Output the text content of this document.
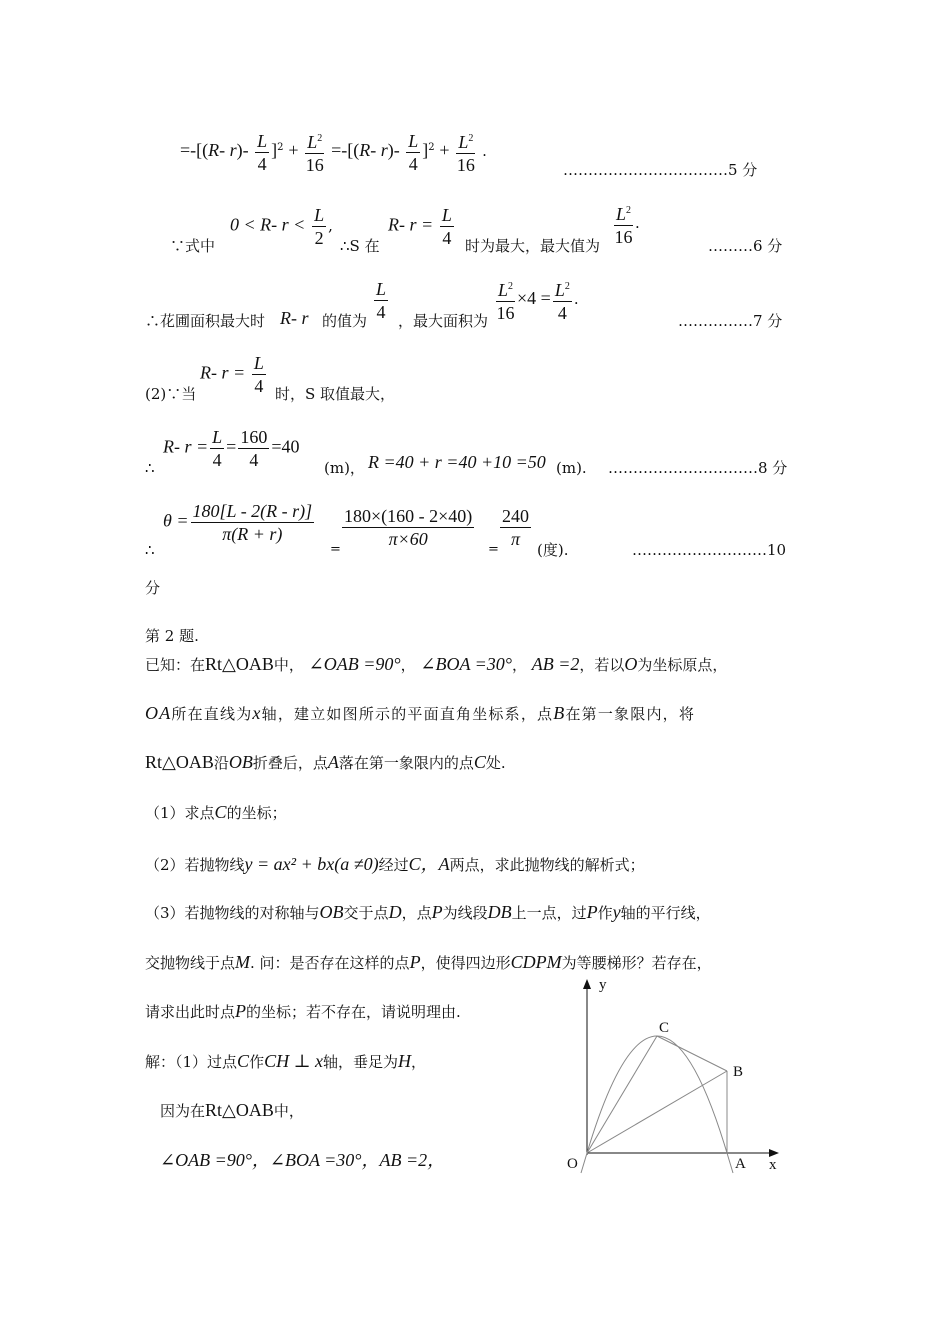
=-[(R- $r)- \frac{L}{4} ]^2 + \frac{L^2}{16} =-[(R-$ $r)- \frac{L}{4} ]^2 + \frac{L^2}{16}$ .
……………………………5 分
∵式中
0 < R- $r < \frac{L}{2}$ ,
∴S 在
R- $r = \frac{L}{4}$ 时为最大，最大值为 $\frac{L^2}{16}$ .
………6 分
∴花圃面积最大时 R- r 的值为 $\frac{L}{4}$ ，最大面积为 $\frac{L^2}{16} \times 4 = \frac{L^2}{4}$ .
……………7 分
(2)∵当
R- $r = \frac{L}{4}$ 时，S 取值最大，
∴
R- $r = \frac{L}{4} = \frac{160}{4} =40$
(m)， R =40 + r =40 +10 =50 (m). …………………………8 分
∴
$\theta = \frac{180[L - 2(R - r)]}{\pi(R + r)}$
= $\frac{180\times(160 - 2\times 40)}{\pi\times 60} = \frac{240}{\pi}$ (度).	………………………10
分
第 2 题.
已知：在Rt△OAB中， ∠OAB =90°， ∠BOA =30°， AB =2，若以O为坐标原点，
OA所在直线为x轴，建立如图所示的平面直角坐标系，点B在第一象限内，将
Rt△OAB沿OB折叠后，点A落在第一象限内的点C处.
（1）求点C的坐标；
（2）若抛物线y = ax² + bx(a ≠0)经过C，A两点，求此抛物线的解析式；
（3）若抛物线的对称轴与OB交于点D，点P为线段DB上一点，过P作y轴的平行线，
交抛物线于点M. 问：是否存在这样的点P，使得四边形CDPM为等腰梯形？若存在，
请求出此时点P的坐标；若不存在，请说明理由.
解：（1）过点C作CH ⊥ x轴，垂足为H，
因为在Rt△OAB中，
∠OAB =90°，∠BOA =30°，AB =2，
y
x
O	A
B
C
